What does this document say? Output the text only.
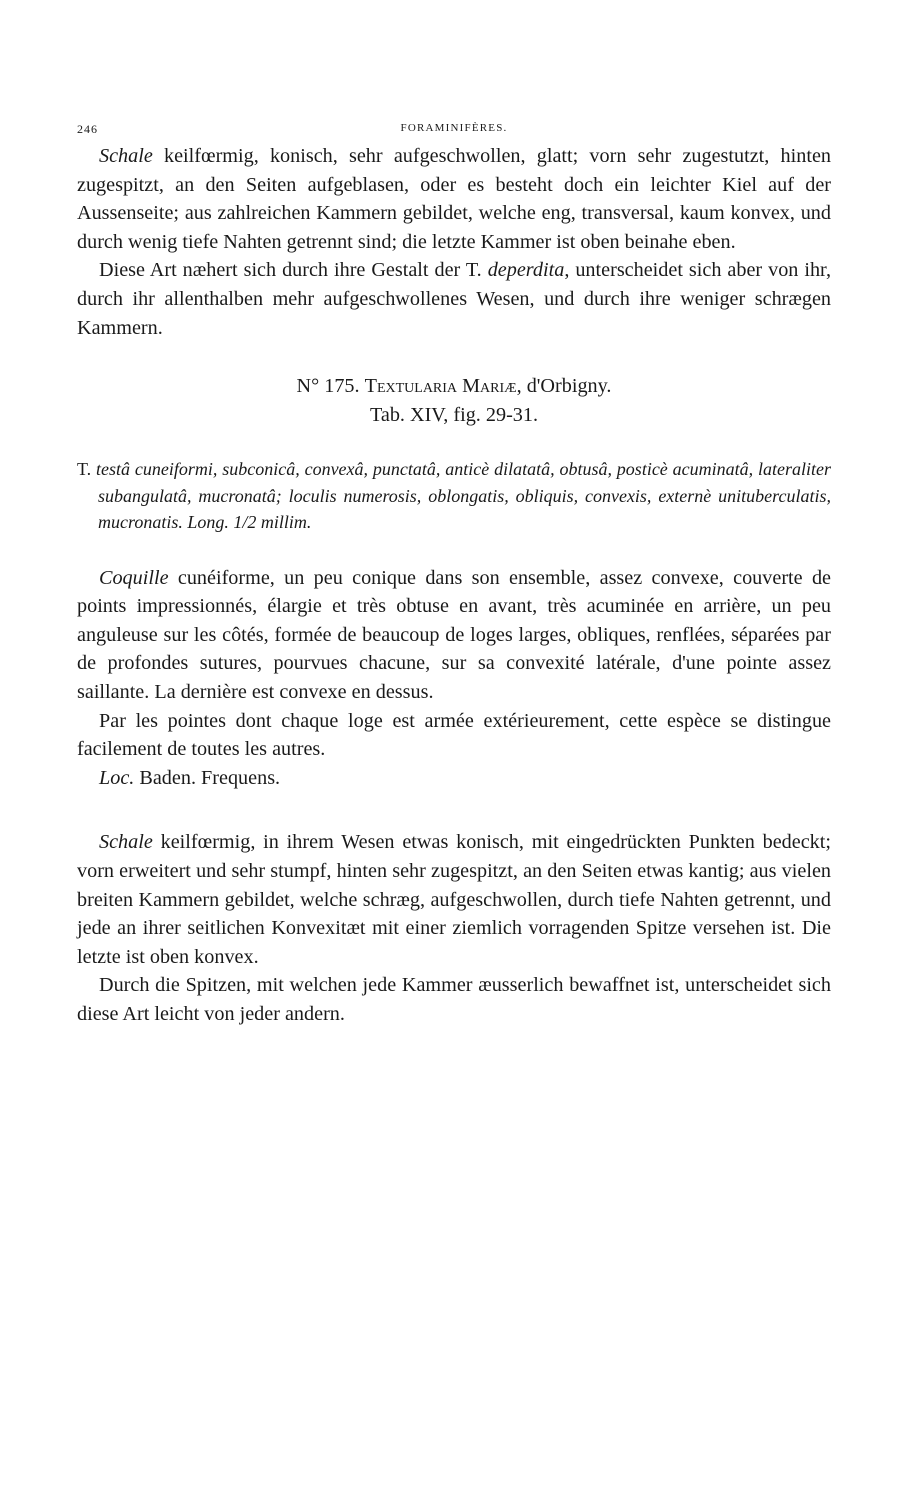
246	FORAMINIFÈRES.

Schale keilfœrmig, konisch, sehr aufgeschwollen, glatt; vorn sehr zugestutzt, hinten zugespitzt, an den Seiten aufgeblasen, oder es besteht doch ein leichter Kiel auf der Aussenseite; aus zahlreichen Kammern gebildet, welche eng, transversal, kaum konvex, und durch wenig tiefe Nahten getrennt sind; die letzte Kammer ist oben beinahe eben.

Diese Art næhert sich durch ihre Gestalt der T. deperdita, unterscheidet sich aber von ihr, durch ihr allenthalben mehr aufgeschwollenes Wesen, und durch ihre weniger schrægen Kammern.

N° 175. Textularia Mariæ, d'Orbigny.
Tab. XIV, fig. 29-31.

T. testâ cuneiformi, subconicâ, convexâ, punctatâ, anticè dilatatâ, obtusâ, posticè acuminatâ, lateraliter subangulatâ, mucronatâ; loculis numerosis, oblongatis, obliquis, convexis, externè unituberculatis, mucronatis. Long. 1/2 millim.

Coquille cunéiforme, un peu conique dans son ensemble, assez convexe, couverte de points impressionnés, élargie et très obtuse en avant, très acuminée en arrière, un peu anguleuse sur les côtés, formée de beaucoup de loges larges, obliques, renflées, séparées par de profondes sutures, pourvues chacune, sur sa convexité latérale, d'une pointe assez saillante. La dernière est convexe en dessus.

Par les pointes dont chaque loge est armée extérieurement, cette espèce se distingue facilement de toutes les autres.

Loc. Baden. Frequens.

Schale keilfœrmig, in ihrem Wesen etwas konisch, mit eingedrückten Punkten bedeckt; vorn erweitert und sehr stumpf, hinten sehr zugespitzt, an den Seiten etwas kantig; aus vielen breiten Kammern gebildet, welche schræg, aufgeschwollen, durch tiefe Nahten getrennt, und jede an ihrer seitlichen Konvexitæt mit einer ziemlich vorragenden Spitze versehen ist. Die letzte ist oben konvex.

Durch die Spitzen, mit welchen jede Kammer æusserlich bewaffnet ist, unterscheidet sich diese Art leicht von jeder andern.
